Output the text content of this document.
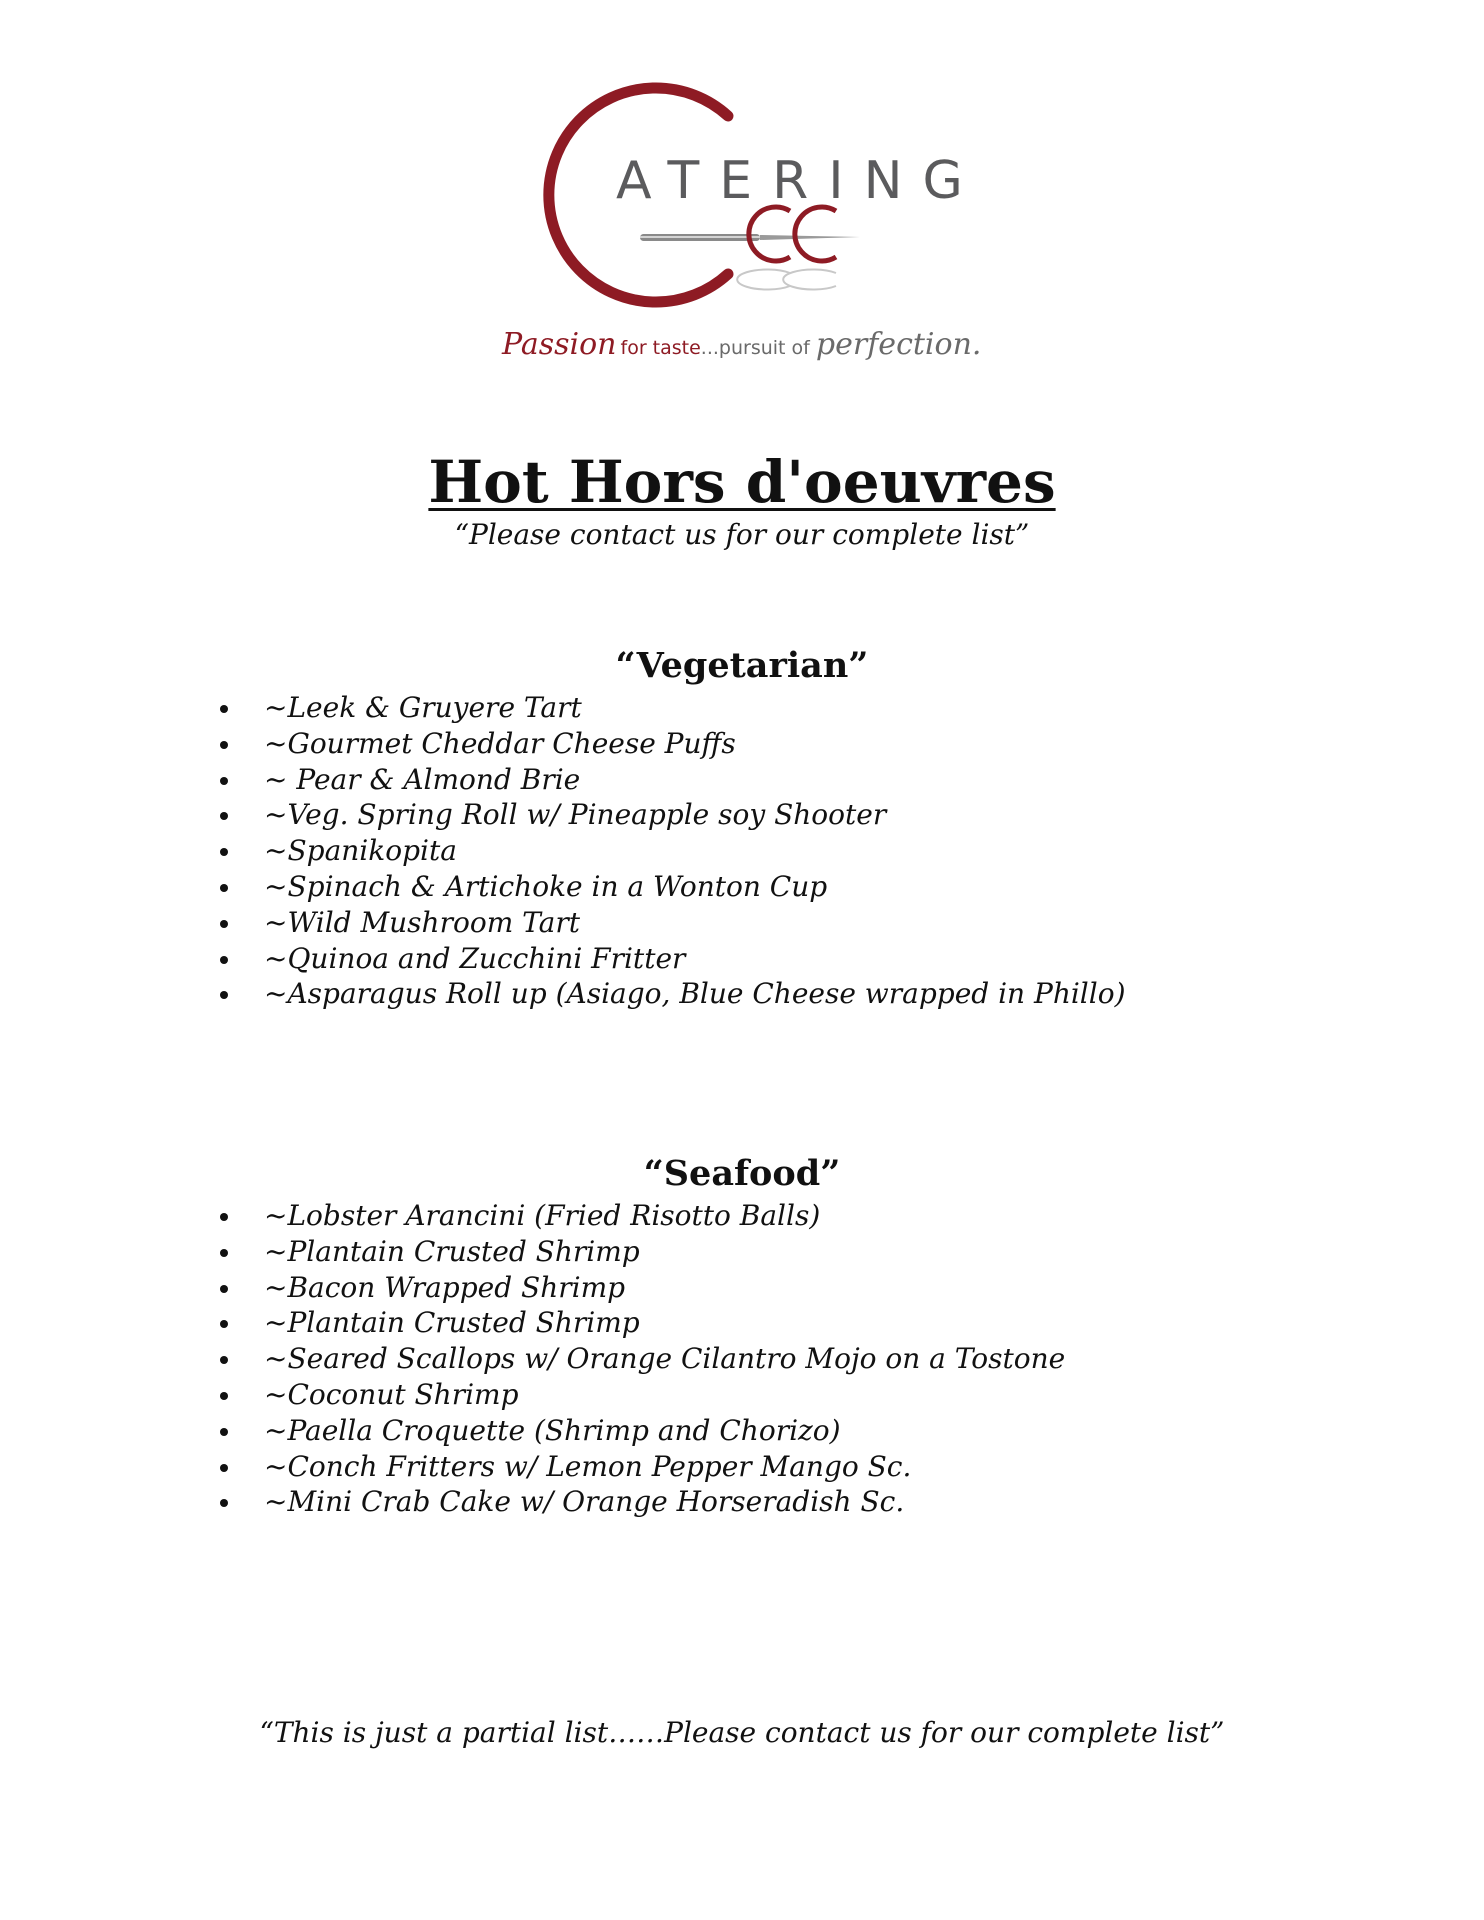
ATERING
Passion for taste...pursuit of perfection.
Hot Hors d'oeuvres

“Please contact us for our complete list”

“Vegetarian”
~Leek & Gruyere Tart
~Gourmet Cheddar Cheese Puffs
~ Pear & Almond Brie
~Veg. Spring Roll w/ Pineapple soy Shooter
~Spanikopita
~Spinach & Artichoke in a Wonton Cup
~Wild Mushroom Tart
~Quinoa and Zucchini Fritter
~Asparagus Roll up (Asiago, Blue Cheese wrapped in Phillo)
“Seafood”
~Lobster Arancini (Fried Risotto Balls)
~Plantain Crusted Shrimp
~Bacon Wrapped Shrimp
~Plantain Crusted Shrimp
~Seared Scallops w/ Orange Cilantro Mojo on a Tostone
~Coconut Shrimp
~Paella Croquette (Shrimp and Chorizo)
~Conch Fritters w/ Lemon Pepper Mango Sc.
~Mini Crab Cake w/ Orange Horseradish Sc.

“This is just a partial list……Please contact us for our complete list”
